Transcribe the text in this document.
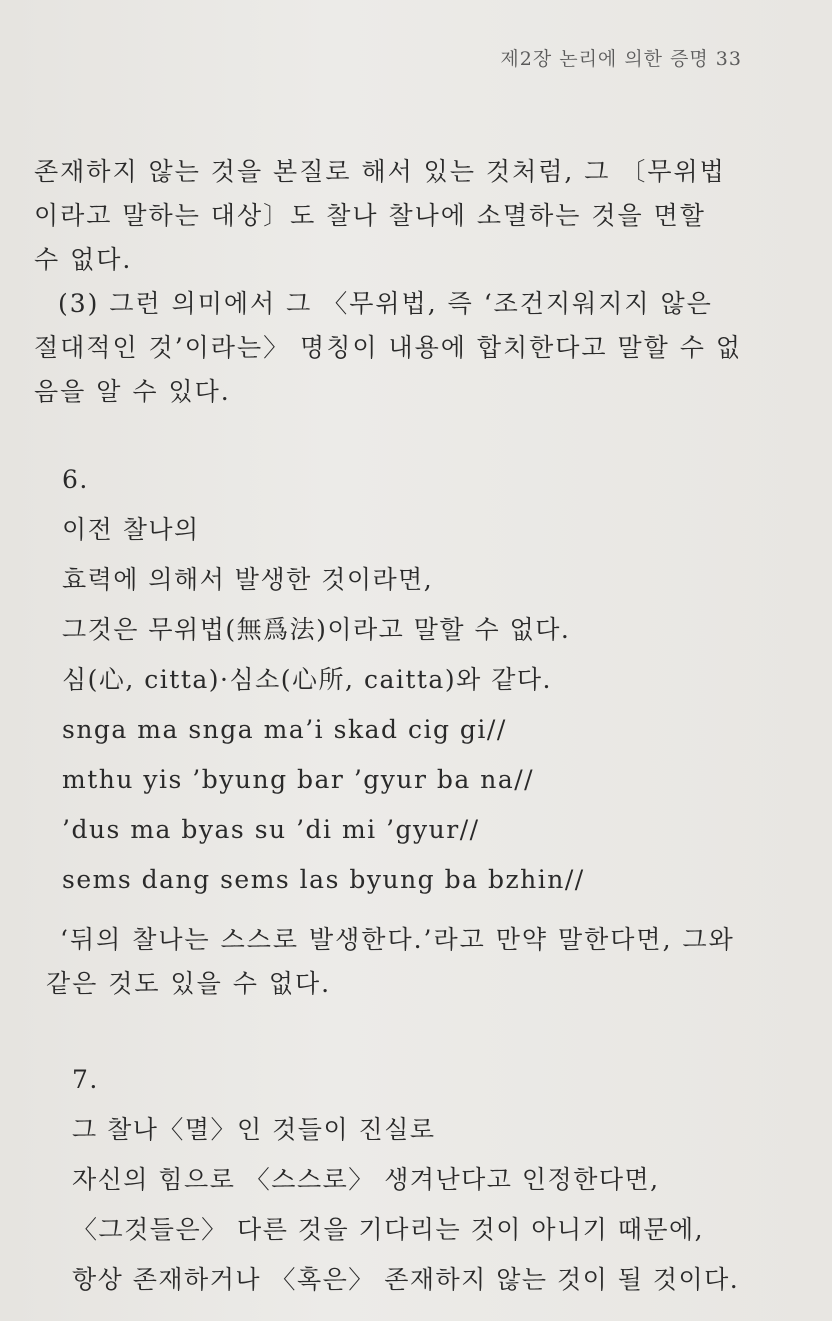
제2장 논리에 의한 증명 33
존재하지 않는 것을 본질로 해서 있는 것처럼, 그 〔무위법
이라고 말하는 대상〕도 찰나 찰나에 소멸하는 것을 면할
수 없다.
(3) 그런 의미에서 그 〈무위법, 즉 ‘조건지워지지 않은
절대적인 것’이라는〉 명칭이 내용에 합치한다고 말할 수 없
음을 알 수 있다.
6.
이전 찰나의
효력에 의해서 발생한 것이라면,
그것은 무위법(無爲法)이라고 말할 수 없다.
심(心, citta)·심소(心所, caitta)와 같다.
snga ma snga ma’i skad cig gi//
mthu yis ’byung bar ’gyur ba na//
’dus ma byas su ’di mi ’gyur//
sems dang sems las byung ba bzhin//
‘뒤의 찰나는 스스로 발생한다.’라고 만약 말한다면, 그와
같은 것도 있을 수 없다.
7.
그 찰나〈멸〉인 것들이 진실로
자신의 힘으로 〈스스로〉 생겨난다고 인정한다면,
〈그것들은〉 다른 것을 기다리는 것이 아니기 때문에,
항상 존재하거나 〈혹은〉 존재하지 않는 것이 될 것이다.
